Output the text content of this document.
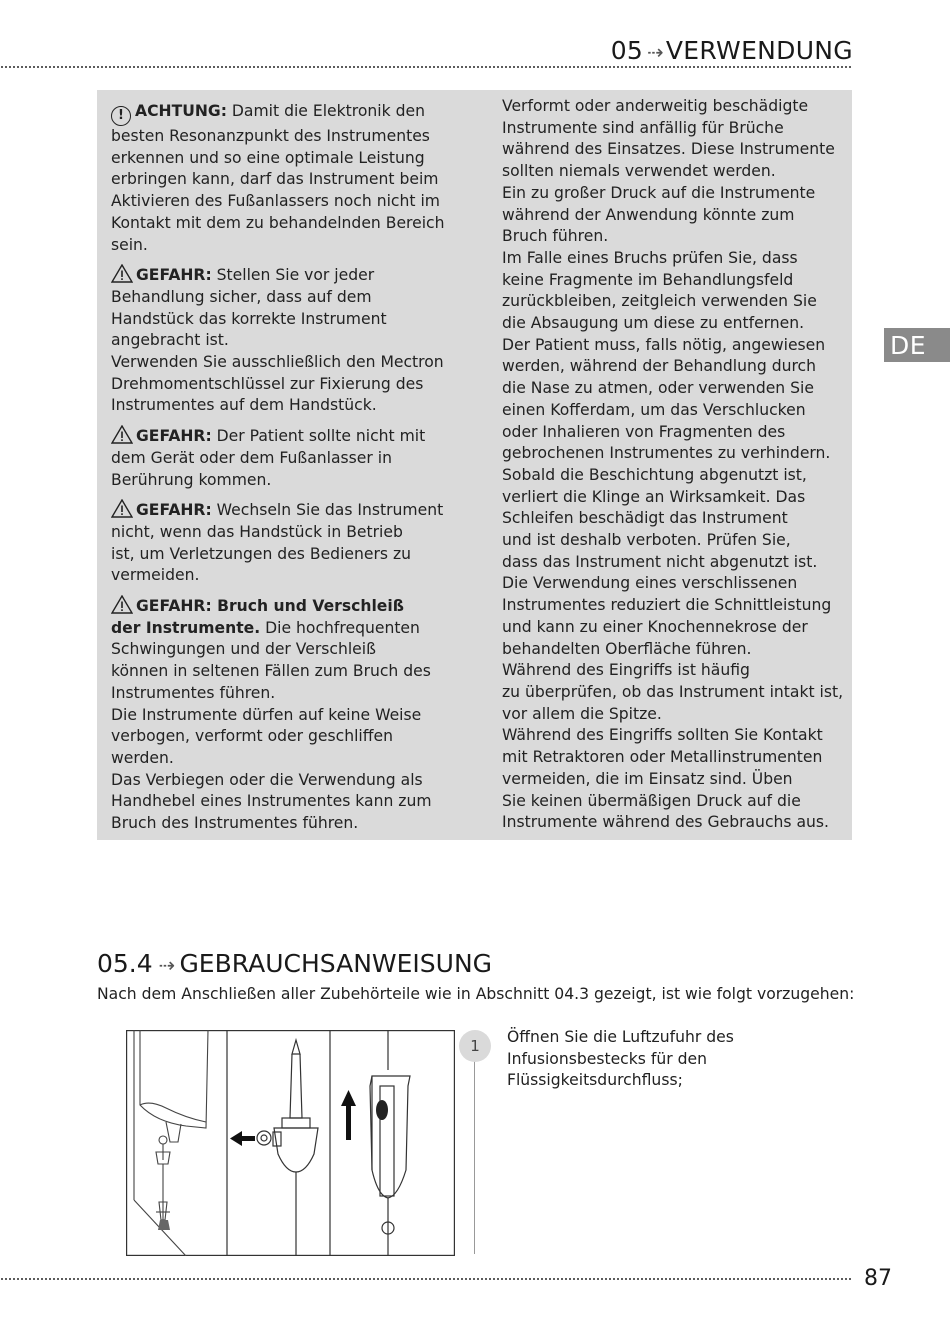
05 ⇢ VERWENDUNG
DE
! ACHTUNG: Damit die Elektronik den
besten Resonanzpunkt des Instrumentes
erkennen und so eine optimale Leistung
erbringen kann, darf das Instrument beim
Aktivieren des Fußanlassers noch nicht im
Kontakt mit dem zu behandelnden Bereich
sein.
GEFAHR: Stellen Sie vor jeder
Behandlung sicher, dass auf dem
Handstück das korrekte Instrument
angebracht ist.
Verwenden Sie ausschließlich den Mectron
Drehmomentschlüssel zur Fixierung des
Instrumentes auf dem Handstück.
GEFAHR: Der Patient sollte nicht mit
dem Gerät oder dem Fußanlasser in
Berührung kommen.
GEFAHR: Wechseln Sie das Instrument
nicht, wenn das Handstück in Betrieb
ist, um Verletzungen des Bedieners zu
vermeiden.
GEFAHR: Bruch und Verschleiß
der Instrumente. Die hochfrequenten
Schwingungen und der Verschleiß
können in seltenen Fällen zum Bruch des
Instrumentes führen.
Die Instrumente dürfen auf keine Weise
verbogen, verformt oder geschliffen
werden.
Das Verbiegen oder die Verwendung als
Handhebel eines Instrumentes kann zum
Bruch des Instrumentes führen.
Verformt oder anderweitig beschädigte
Instrumente sind anfällig für Brüche
während des Einsatzes. Diese Instrumente
sollten niemals verwendet werden.
Ein zu großer Druck auf die Instrumente
während der Anwendung könnte zum
Bruch führen.
Im Falle eines Bruchs prüfen Sie, dass
keine Fragmente im Behandlungsfeld
zurückbleiben, zeitgleich verwenden Sie
die Absaugung um diese zu entfernen.
Der Patient muss, falls nötig, angewiesen
werden, während der Behandlung durch
die Nase zu atmen, oder verwenden Sie
einen Kofferdam, um das Verschlucken
oder Inhalieren von Fragmenten des
gebrochenen Instrumentes zu verhindern.
Sobald die Beschichtung abgenutzt ist,
verliert die Klinge an Wirksamkeit. Das
Schleifen beschädigt das Instrument
und ist deshalb verboten. Prüfen Sie,
dass das Instrument nicht abgenutzt ist.
Die Verwendung eines verschlissenen
Instrumentes reduziert die Schnittleistung
und kann zu einer Knochennekrose der
behandelten Oberfläche führen.
Während des Eingriffs ist häufig
zu überprüfen, ob das Instrument intakt ist,
vor allem die Spitze.
Während des Eingriffs sollten Sie Kontakt
mit Retraktoren oder Metallinstrumenten
vermeiden, die im Einsatz sind. Üben
Sie keinen übermäßigen Druck auf die
Instrumente während des Gebrauchs aus.
05.4 ⇢ GEBRAUCHSANWEISUNG
Nach dem Anschließen aller Zubehörteile wie in Abschnitt 04.3 gezeigt, ist wie folgt vorzugehen:
1	Öffnen Sie die Luftzufuhr des
Infusionsbestecks für den
Flüssigkeitsdurchfluss;
87
